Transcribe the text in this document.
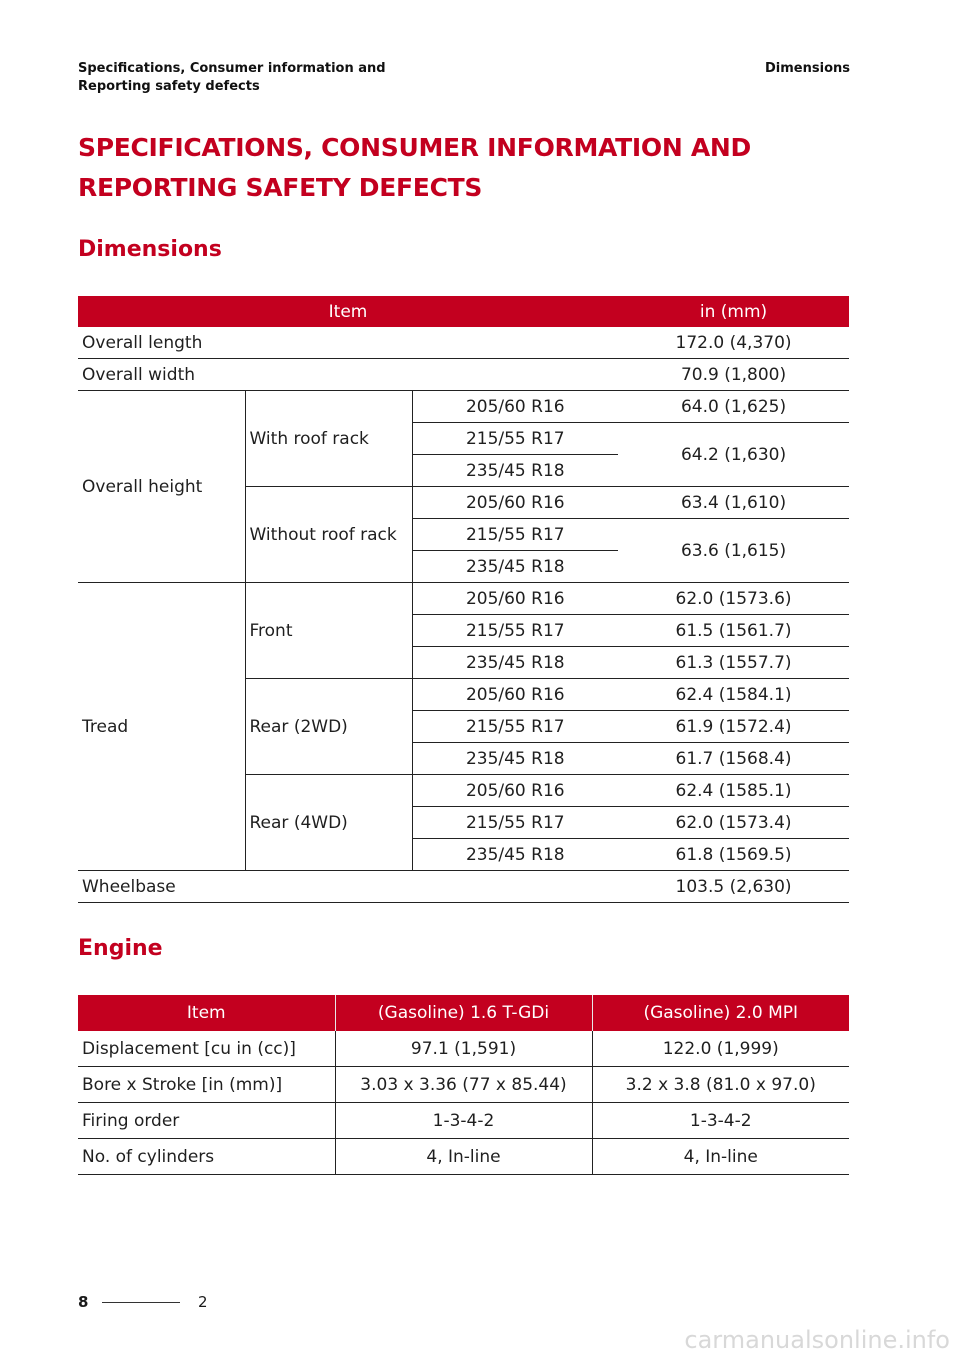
Specifications, Consumer information and Reporting safety defects
Dimensions
SPECIFICATIONS, CONSUMER INFORMATION AND REPORTING SAFETY DEFECTS
Dimensions
Item			in (mm)
Overall length			172.0 (4,370)
Overall width			70.9 (1,800)
Overall height	With roof rack	205/60 R16	64.0 (1,625)
		215/55 R17	64.2 (1,630)
		235/45 R18	
	Without roof rack	205/60 R16	63.4 (1,610)
		215/55 R17	63.6 (1,615)
		235/45 R18	
Tread	Front	205/60 R16	62.0 (1573.6)
		215/55 R17	61.5 (1561.7)
		235/45 R18	61.3 (1557.7)
	Rear (2WD)	205/60 R16	62.4 (1584.1)
		215/55 R17	61.9 (1572.4)
		235/45 R18	61.7 (1568.4)
	Rear (4WD)	205/60 R16	62.4 (1585.1)
		215/55 R17	62.0 (1573.4)
		235/45 R18	61.8 (1569.5)
Wheelbase			103.5 (2,630)
Engine
Item	(Gasoline) 1.6 T-GDi	(Gasoline) 2.0 MPI
Displacement [cu in (cc)]	97.1 (1,591)	122.0 (1,999)
Bore x Stroke [in (mm)]	3.03 x 3.36 (77 x 85.44)	3.2 x 3.8 (81.0 x 97.0)
Firing order	1-3-4-2	1-3-4-2
No. of cylinders	4, In-line	4, In-line
8	2
carmanualsonline.info
